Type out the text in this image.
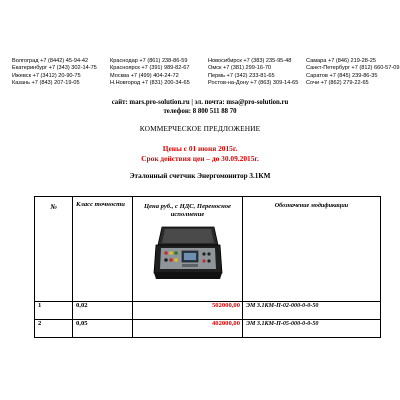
Волгоград +7 (8442) 45-94-42
Екатеринбург +7 (343) 302-14-75
Ижевск +7 (3412) 20-90-75
Казань +7 (843) 207-19-05
Краснодар +7 (861) 238-86-59
Красноярск +7 (391) 989-82-67
Москва +7 (499) 404-24-72
Н.Новгород +7 (831) 200-34-65
Новосибирск +7 (383) 235-95-48
Омск +7 (381) 299-16-70
Пермь +7 (342) 233-81-65
Ростов-на-Дону +7 (863) 309-14-65
Самара +7 (846) 219-28-25
Санкт-Петербург +7 (812) 660-57-09
Саратов +7 (845) 239-86-35
Сочи +7 (862) 279-22-65
сайт: mars.pro-solution.ru | эл. почта: msa@pro-solution.ru
телефон: 8 800 511 88 70
КОММЕРЧЕСКОЕ ПРЕДЛОЖЕНИЕ
Цены с 01 июня 2015г.
Срок действия цен – до 30.09.2015г.
Эталонный счетчик Энергомонитор 3.1КМ
№	Класс точности	Цена руб., с НДС, Переносное исполнение	Обозначение модификации
1	0,02	502000,00	ЭМ 3.1КМ-П-02-000-0-0-50
2	0,05	402000,00	ЭМ 3.1КМ-П-05-000-0-0-50
